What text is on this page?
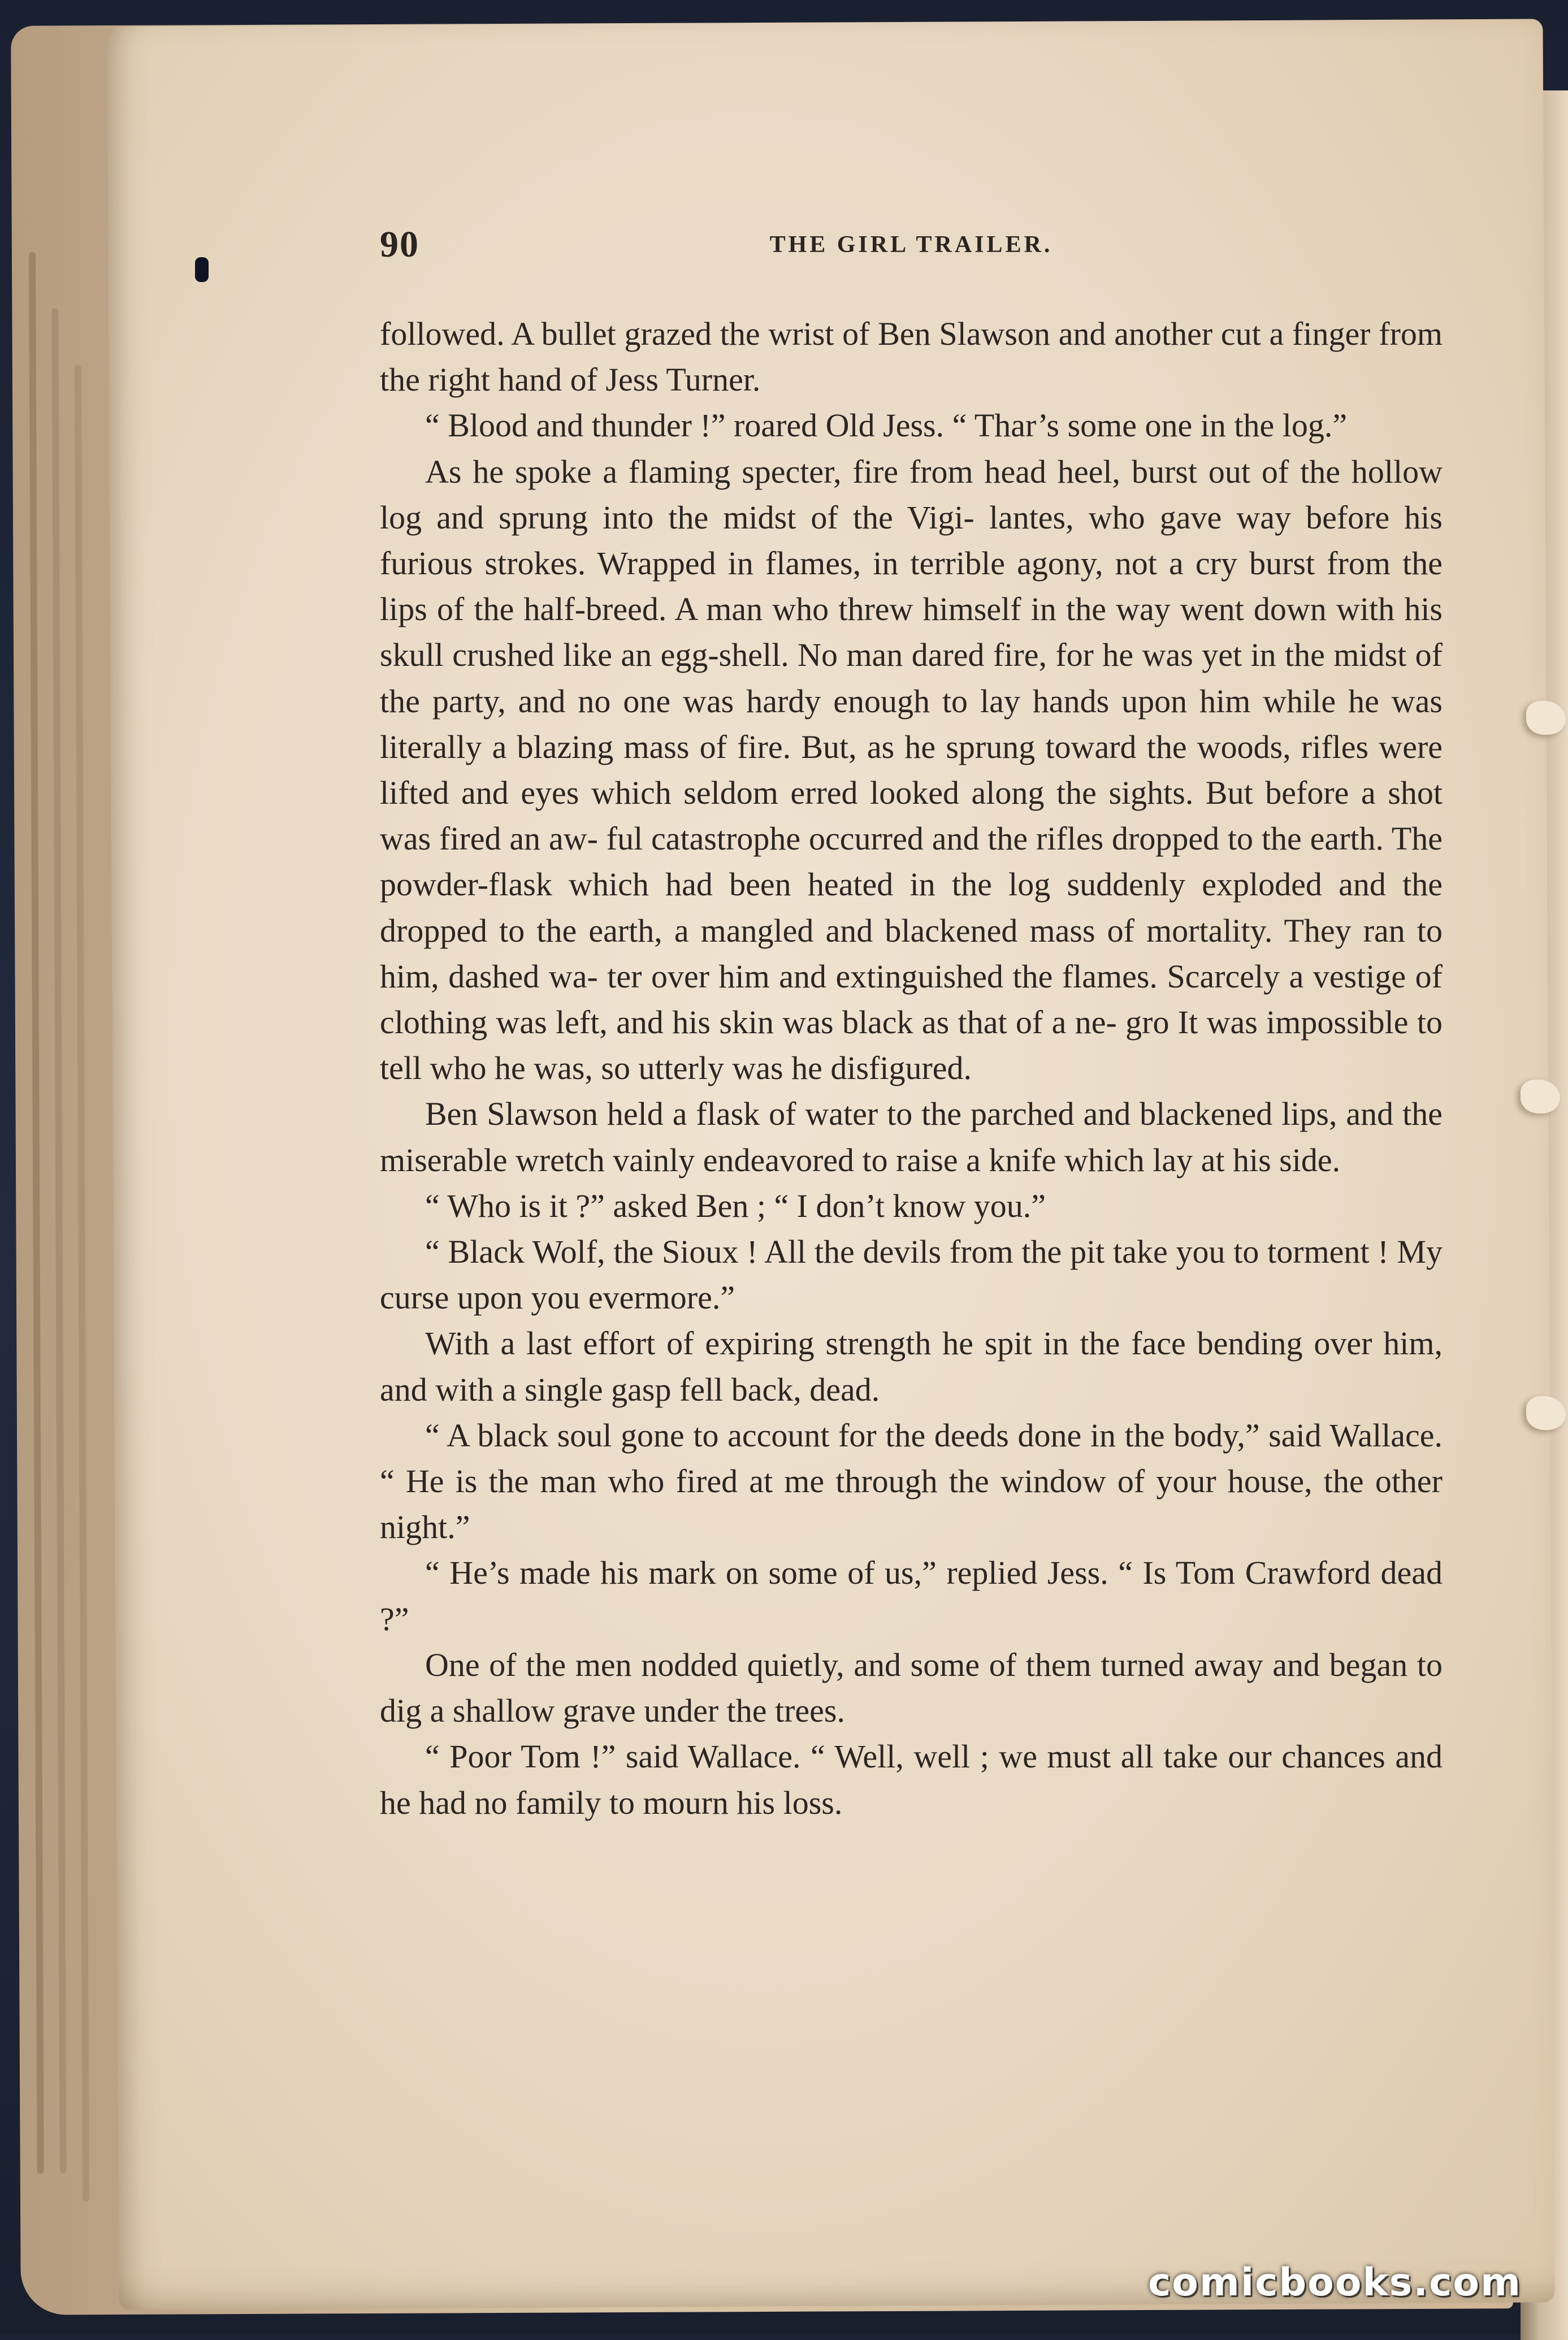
90	THE GIRL TRAILER.

followed. A bullet grazed the wrist of Ben Slawson and another cut a finger from the right hand of Jess Turner.

“ Blood and thunder !” roared Old Jess. “ Thar’s some one in the log.”

As he spoke a flaming specter, fire from head heel, burst out of the hollow log and sprung into the midst of the Vigi- lantes, who gave way before his furious strokes. Wrapped in flames, in terrible agony, not a cry burst from the lips of the half-breed. A man who threw himself in the way went down with his skull crushed like an egg-shell. No man dared fire, for he was yet in the midst of the party, and no one was hardy enough to lay hands upon him while he was literally a blazing mass of fire. But, as he sprung toward the woods, rifles were lifted and eyes which seldom erred looked along the sights. But before a shot was fired an aw- ful catastrophe occurred and the rifles dropped to the earth. The powder-flask which had been heated in the log suddenly exploded and the dropped to the earth, a mangled and blackened mass of mortality. They ran to him, dashed wa- ter over him and extinguished the flames. Scarcely a vestige of clothing was left, and his skin was black as that of a ne- gro It was impossible to tell who he was, so utterly was he disfigured.

Ben Slawson held a flask of water to the parched and blackened lips, and the miserable wretch vainly endeavored to raise a knife which lay at his side.

“ Who is it ?” asked Ben ; “ I don’t know you.”

“ Black Wolf, the Sioux ! All the devils from the pit take you to torment ! My curse upon you evermore.”

With a last effort of expiring strength he spit in the face bending over him, and with a single gasp fell back, dead.

“ A black soul gone to account for the deeds done in the body,” said Wallace. “ He is the man who fired at me through the window of your house, the other night.”

“ He’s made his mark on some of us,” replied Jess. “ Is Tom Crawford dead ?”

One of the men nodded quietly, and some of them turned away and began to dig a shallow grave under the trees.

“ Poor Tom !” said Wallace. “ Well, well ; we must all take our chances and he had no family to mourn his loss.

comicbooks.com
